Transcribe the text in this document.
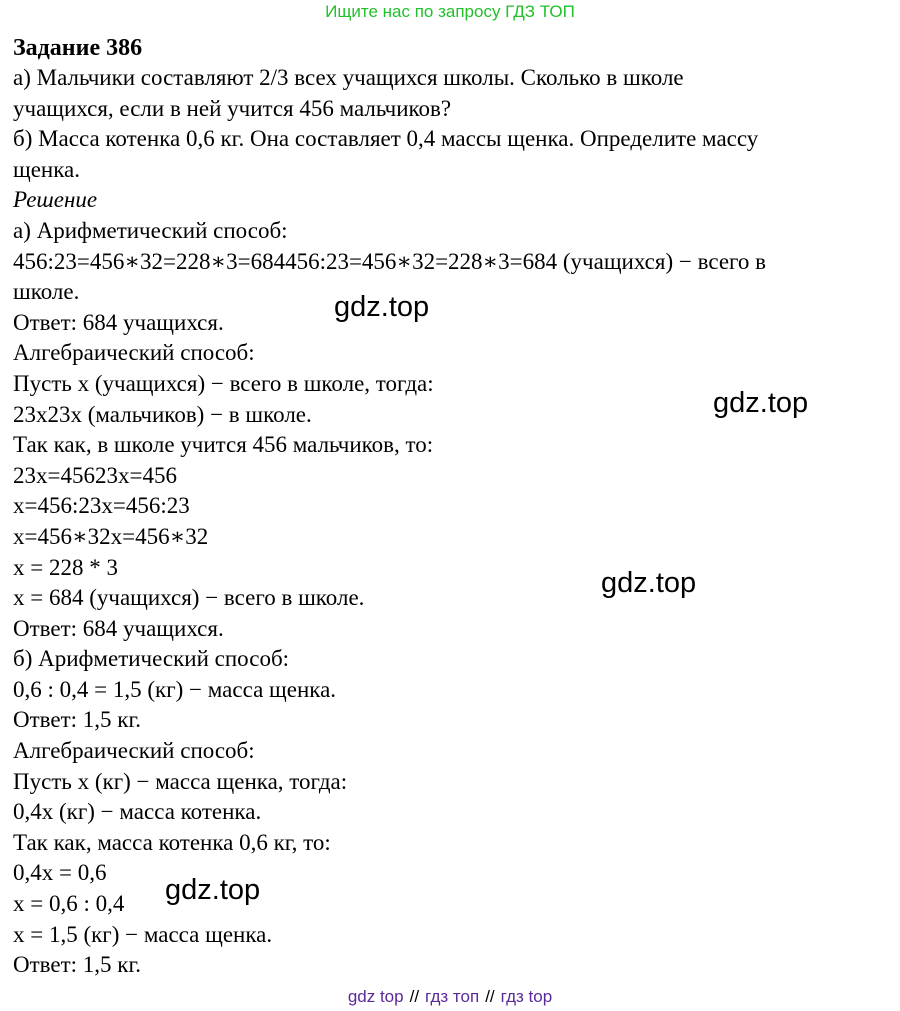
Ищите нас по запросу ГДЗ ТОП
Задание 386
а) Мальчики составляют 2/3 всех учащихся школы. Сколько в школе
учащихся, если в ней учится 456 мальчиков?
б) Масса котенка 0,6 кг. Она составляет 0,4 массы щенка. Определите массу
щенка.
Решение
а) Арифметический способ:
456:23=456∗32=228∗3=684456:23=456∗32=228∗3=684 (учащихся) − всего в
школе.
Ответ: 684 учащихся.
Алгебраический способ:
Пусть х (учащихся) − всего в школе, тогда:
23x23x (мальчиков) − в школе.
Так как, в школе учится 456 мальчиков, то:
23x=45623x=456
x=456:23x=456:23
x=456∗32x=456∗32
x = 228 * 3
x = 684 (учащихся) − всего в школе.
Ответ: 684 учащихся.
б) Арифметический способ:
0,6 : 0,4 = 1,5 (кг) − масса щенка.
Ответ: 1,5 кг.
Алгебраический способ:
Пусть х (кг) − масса щенка, тогда:
0,4x (кг) − масса котенка.
Так как, масса котенка 0,6 кг, то:
0,4x = 0,6
x = 0,6 : 0,4
x = 1,5 (кг) − масса щенка.
Ответ: 1,5 кг.
gdz.top
gdz.top
gdz.top
gdz.top
gdz top // гдз топ // гдз top
